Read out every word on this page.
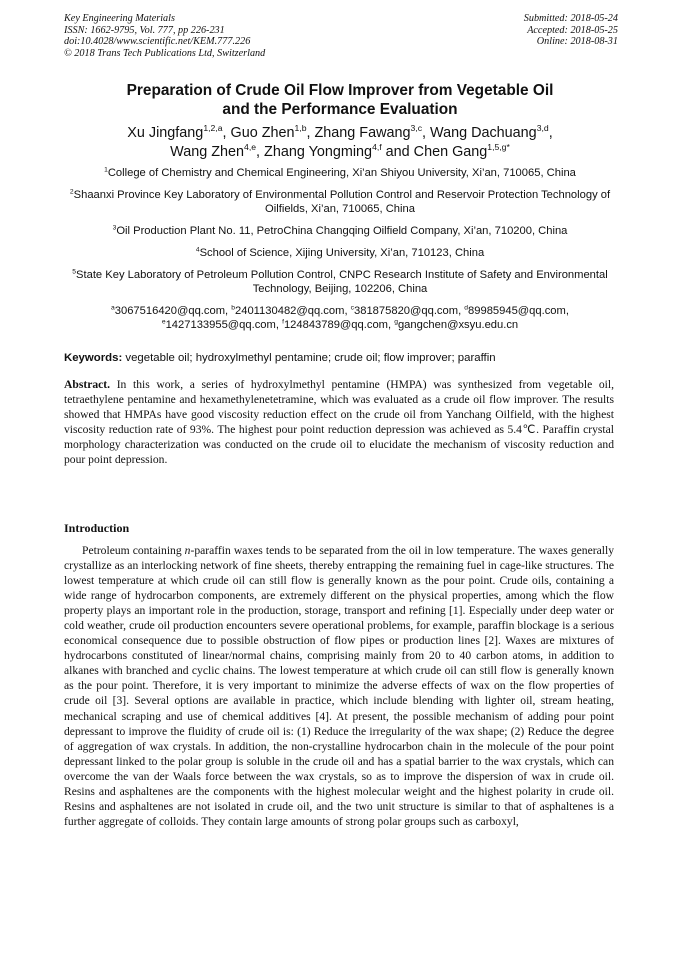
Key Engineering Materials
ISSN: 1662-9795, Vol. 777, pp 226-231
doi:10.4028/www.scientific.net/KEM.777.226
© 2018 Trans Tech Publications Ltd, Switzerland
Submitted: 2018-05-24
Accepted: 2018-05-25
Online: 2018-08-31
Preparation of Crude Oil Flow Improver from Vegetable Oil
and the Performance Evaluation
Xu Jingfang$^{1,2,a}$, Guo Zhen$^{1,b}$, Zhang Fawang$^{3,c}$, Wang Dachuang$^{3,d}$,
Wang Zhen$^{4,e}$, Zhang Yongming$^{4,f}$ and Chen Gang$^{1,5,g*}$
$^1$College of Chemistry and Chemical Engineering, Xi’an Shiyou University, Xi’an, 710065, China
$^2$Shaanxi Province Key Laboratory of Environmental Pollution Control and Reservoir Protection Technology of Oilfields, Xi’an, 710065, China
$^3$Oil Production Plant No. 11, PetroChina Changqing Oilfield Company, Xi’an, 710200, China
$^4$School of Science, Xijing University, Xi’an, 710123, China
$^5$State Key Laboratory of Petroleum Pollution Control, CNPC Research Institute of Safety and Environmental Technology, Beijing, 102206, China
$^a$3067516420@qq.com, $^b$2401130482@qq.com, $^c$381875820@qq.com, $^d$89985945@qq.com,
$^e$1427133955@qq.com, $^f$124843789@qq.com, $^g$gangchen@xsyu.edu.cn
Keywords: vegetable oil; hydroxylmethyl pentamine; crude oil; flow improver; paraffin
Abstract. In this work, a series of hydroxylmethyl pentamine (HMPA) was synthesized from vegetable oil, tetraethylene pentamine and hexamethylenetetramine, which was evaluated as a crude oil flow improver. The results showed that HMPAs have good viscosity reduction effect on the crude oil from Yanchang Oilfield, with the highest viscosity reduction rate of 93%. The highest pour point reduction depression was achieved as 5.4℃. Paraffin crystal morphology characterization was conducted on the crude oil to elucidate the mechanism of viscosity reduction and pour point depression.
Introduction
Petroleum containing n-paraffin waxes tends to be separated from the oil in low temperature. The waxes generally crystallize as an interlocking network of fine sheets, thereby entrapping the remaining fuel in cage-like structures. The lowest temperature at which crude oil can still flow is generally known as the pour point. Crude oils, containing a wide range of hydrocarbon components, are extremely different on the physical properties, among which the flow property plays an important role in the production, storage, transport and refining [1]. Especially under deep water or cold weather, crude oil production encounters severe operational problems, for example, paraffin blockage is a serious economical consequence due to possible obstruction of flow pipes or production lines [2]. Waxes are mixtures of hydrocarbons constituted of linear/normal chains, comprising mainly from 20 to 40 carbon atoms, in addition to alkanes with branched and cyclic chains. The lowest temperature at which crude oil can still flow is generally known as the pour point. Therefore, it is very important to minimize the adverse effects of wax on the flow properties of crude oil [3]. Several options are available in practice, which include blending with lighter oil, stream heating, mechanical scraping and use of chemical additives [4]. At present, the possible mechanism of adding pour point depressant to improve the fluidity of crude oil is: (1) Reduce the irregularity of the wax shape; (2) Reduce the degree of aggregation of wax crystals. In addition, the non-crystalline hydrocarbon chain in the molecule of the pour point depressant linked to the polar group is soluble in the crude oil and has a spatial barrier to the wax crystals, which can overcome the van der Waals force between the wax crystals, so as to improve the dispersion of wax in crude oil. Resins and asphaltenes are the components with the highest molecular weight and the highest polarity in crude oil. Resins and asphaltenes are not isolated in crude oil, and the two unit structure is similar to that of asphaltenes is a further aggregate of colloids. They contain large amounts of strong polar groups such as carboxyl,
